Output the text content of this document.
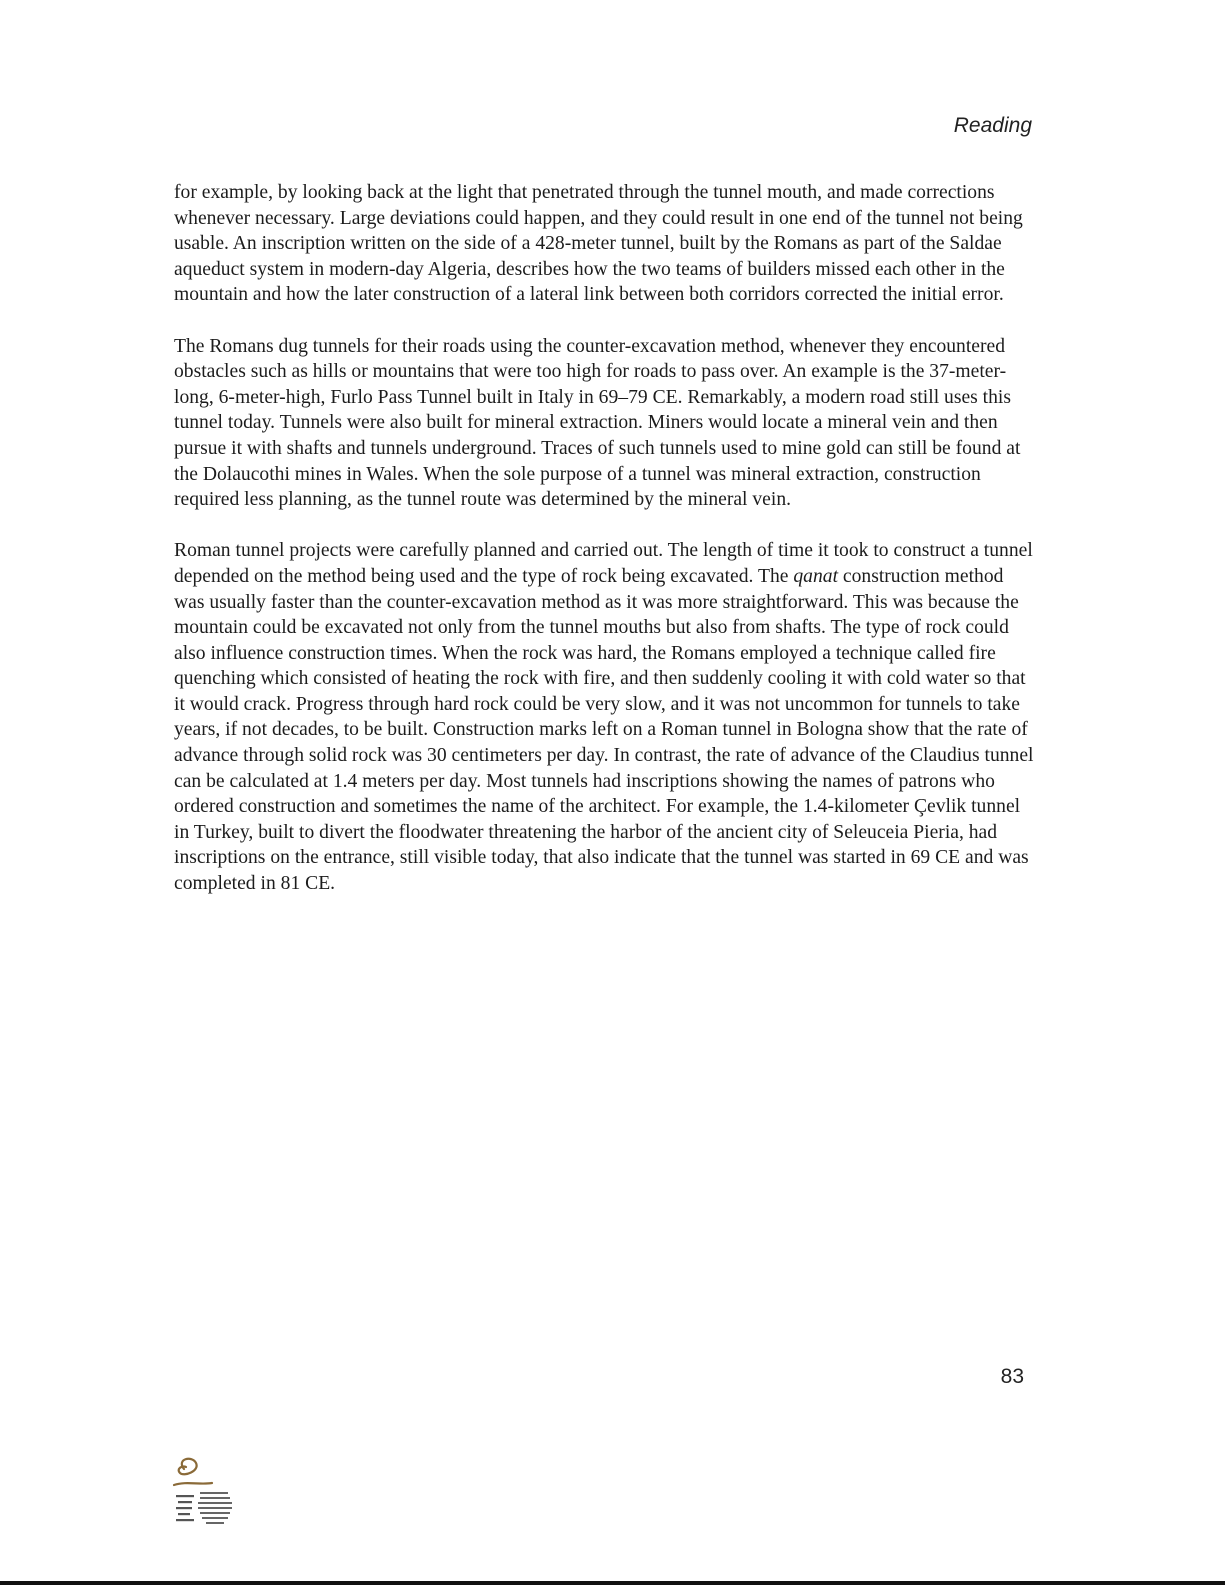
Reading

for example, by looking back at the light that penetrated through the tunnel mouth, and made corrections whenever necessary. Large deviations could happen, and they could result in one end of the tunnel not being usable. An inscription written on the side of a 428-meter tunnel, built by the Romans as part of the Saldae aqueduct system in modern-day Algeria, describes how the two teams of builders missed each other in the mountain and how the later construction of a lateral link between both corridors corrected the initial error.

The Romans dug tunnels for their roads using the counter-excavation method, whenever they encountered obstacles such as hills or mountains that were too high for roads to pass over. An example is the 37-meter-long, 6-meter-high, Furlo Pass Tunnel built in Italy in 69–79 CE. Remarkably, a modern road still uses this tunnel today. Tunnels were also built for mineral extraction. Miners would locate a mineral vein and then pursue it with shafts and tunnels underground. Traces of such tunnels used to mine gold can still be found at the Dolaucothi mines in Wales. When the sole purpose of a tunnel was mineral extraction, construction required less planning, as the tunnel route was determined by the mineral vein.

Roman tunnel projects were carefully planned and carried out. The length of time it took to construct a tunnel depended on the method being used and the type of rock being excavated. The qanat construction method was usually faster than the counter-excavation method as it was more straightforward. This was because the mountain could be excavated not only from the tunnel mouths but also from shafts. The type of rock could also influence construction times. When the rock was hard, the Romans employed a technique called fire quenching which consisted of heating the rock with fire, and then suddenly cooling it with cold water so that it would crack. Progress through hard rock could be very slow, and it was not uncommon for tunnels to take years, if not decades, to be built. Construction marks left on a Roman tunnel in Bologna show that the rate of advance through solid rock was 30 centimeters per day. In contrast, the rate of advance of the Claudius tunnel can be calculated at 1.4 meters per day. Most tunnels had inscriptions showing the names of patrons who ordered construction and sometimes the name of the architect. For example, the 1.4-kilometer Çevlik tunnel in Turkey, built to divert the floodwater threatening the harbor of the ancient city of Seleuceia Pieria, had inscriptions on the entrance, still visible today, that also indicate that the tunnel was started in 69 CE and was completed in 81 CE.

83
